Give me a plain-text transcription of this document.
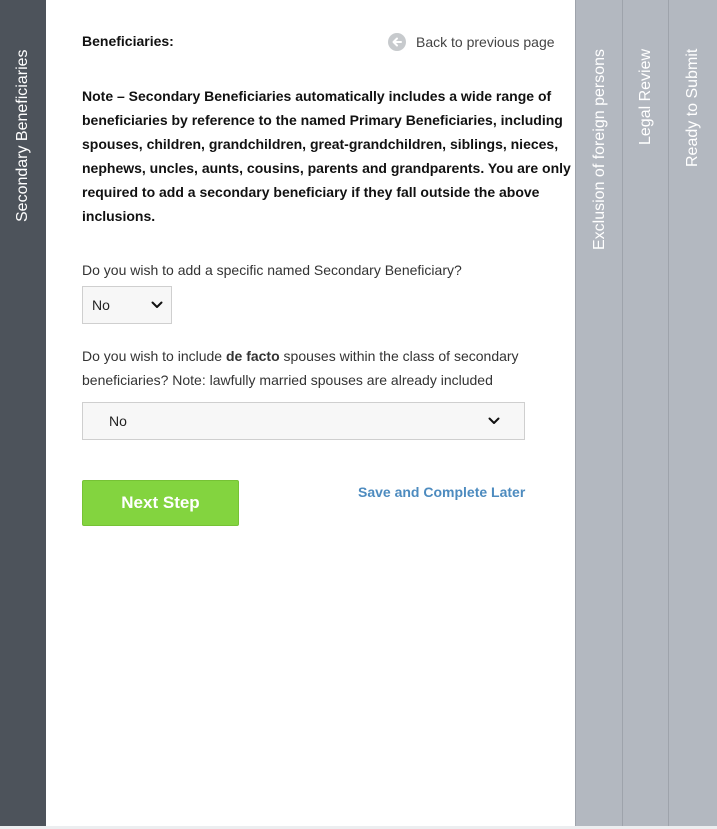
Secondary Beneficiaries
Beneficiaries:	Back to previous page
Note – Secondary Beneficiaries automatically includes a wide range of beneficiaries by reference to the named Primary Beneficiaries, including spouses, children, grandchildren, great-grandchildren, siblings, nieces, nephews, uncles, aunts, cousins, parents and grandparents. You are only required to add a secondary beneficiary if they fall outside the above inclusions.
Do you wish to add a specific named Secondary Beneficiary?
No
Do you wish to include de facto spouses within the class of secondary beneficiaries? Note: lawfully married spouses are already included
No
Next Step
Save and Complete Later
Exclusion of foreign persons Legal Review Ready to Submit
